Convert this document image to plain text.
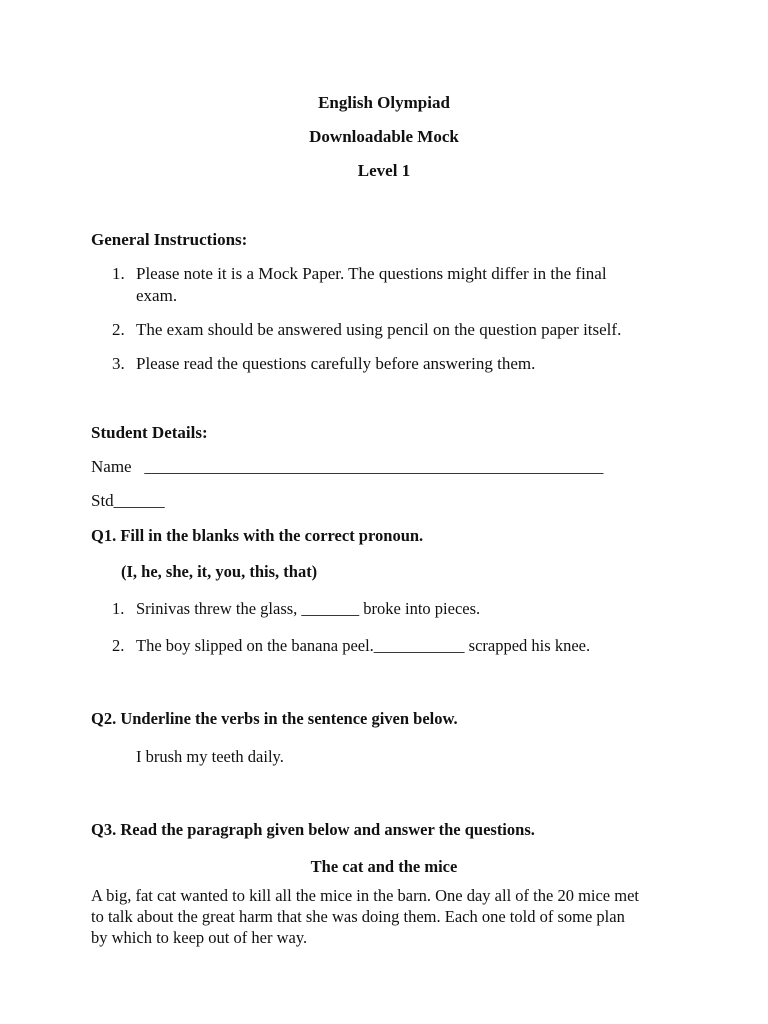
English Olympiad
Downloadable Mock
Level 1
General Instructions:
1. Please note it is a Mock Paper. The questions might differ in the final
exam.
2. The exam should be answered using pencil on the question paper itself.
3. Please read the questions carefully before answering them.
Student Details:
Name ______________________________________________________
Std______
Q1. Fill in the blanks with the correct pronoun.
(I, he, she, it, you, this, that)
1. Srinivas threw the glass, _______ broke into pieces.
2. The boy slipped on the banana peel.___________ scrapped his knee.
Q2. Underline the verbs in the sentence given below.
I brush my teeth daily.
Q3. Read the paragraph given below and answer the questions.
The cat and the mice
A big, fat cat wanted to kill all the mice in the barn. One day all of the 20 mice met
to talk about the great harm that she was doing them. Each one told of some plan
by which to keep out of her way.
